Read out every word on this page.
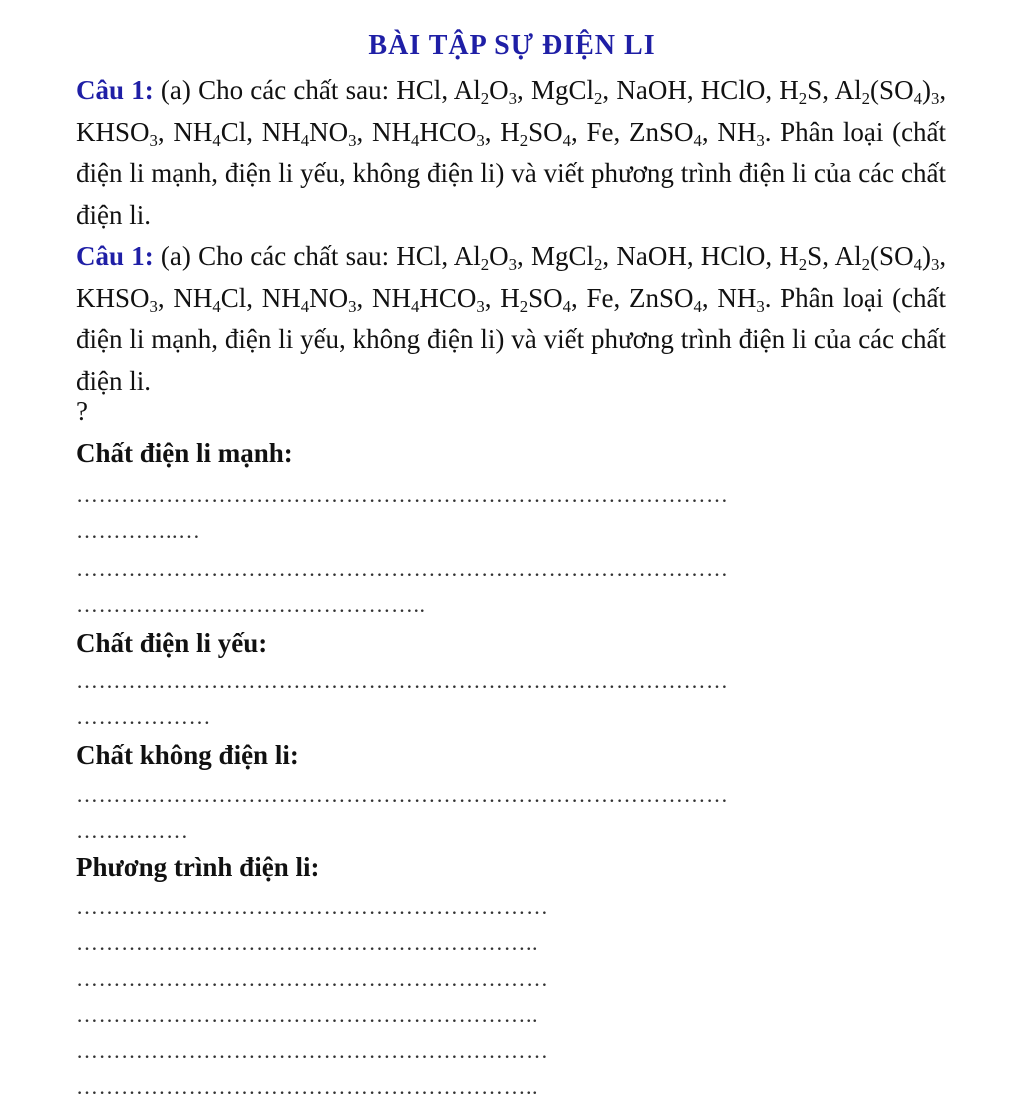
BÀI TẬP SỰ ĐIỆN LI
Câu 1: (a) Cho các chất sau: HCl, $Al_2O_3$, MgCl$_2$, NaOH, HClO, $H_2S$, $Al_2(SO_4)_3$, $KHSO_3$, $NH_4Cl$, $NH_4NO_3$, $NH_4HCO_3$, $H_2SO_4$, Fe, ZnSO$_4$, $NH_3$. Phân loại (chất điện li mạnh, điện li yếu, không điện li) và viết phương trình điện li của các chất điện li.
Câu 1: (a) Cho các chất sau: HCl, $Al_2O_3$, MgCl$_2$, NaOH, HClO, $H_2S$, $Al_2(SO_4)_3$, $KHSO_3$, $NH_4Cl$, $NH_4NO_3$, $NH_4HCO_3$, $H_2SO_4$, Fe, ZnSO$_4$, $NH_3$. Phân loại (chất điện li mạnh, điện li yếu, không điện li) và viết phương trình điện li của các chất điện li.
?
Chất điện li mạnh:
……………………………………………………………………………
…………..…
……………………………………………………………………………
………………………………………..
Chất điện li yếu:
……………………………………………………………………………
………………
Chất không điện li:
……………………………………………………………………………
……………
Phương trình điện li:
………………………………………………………
……………………………………………………..
………………………………………………………
……………………………………………………..
………………………………………………………
……………………………………………………..
